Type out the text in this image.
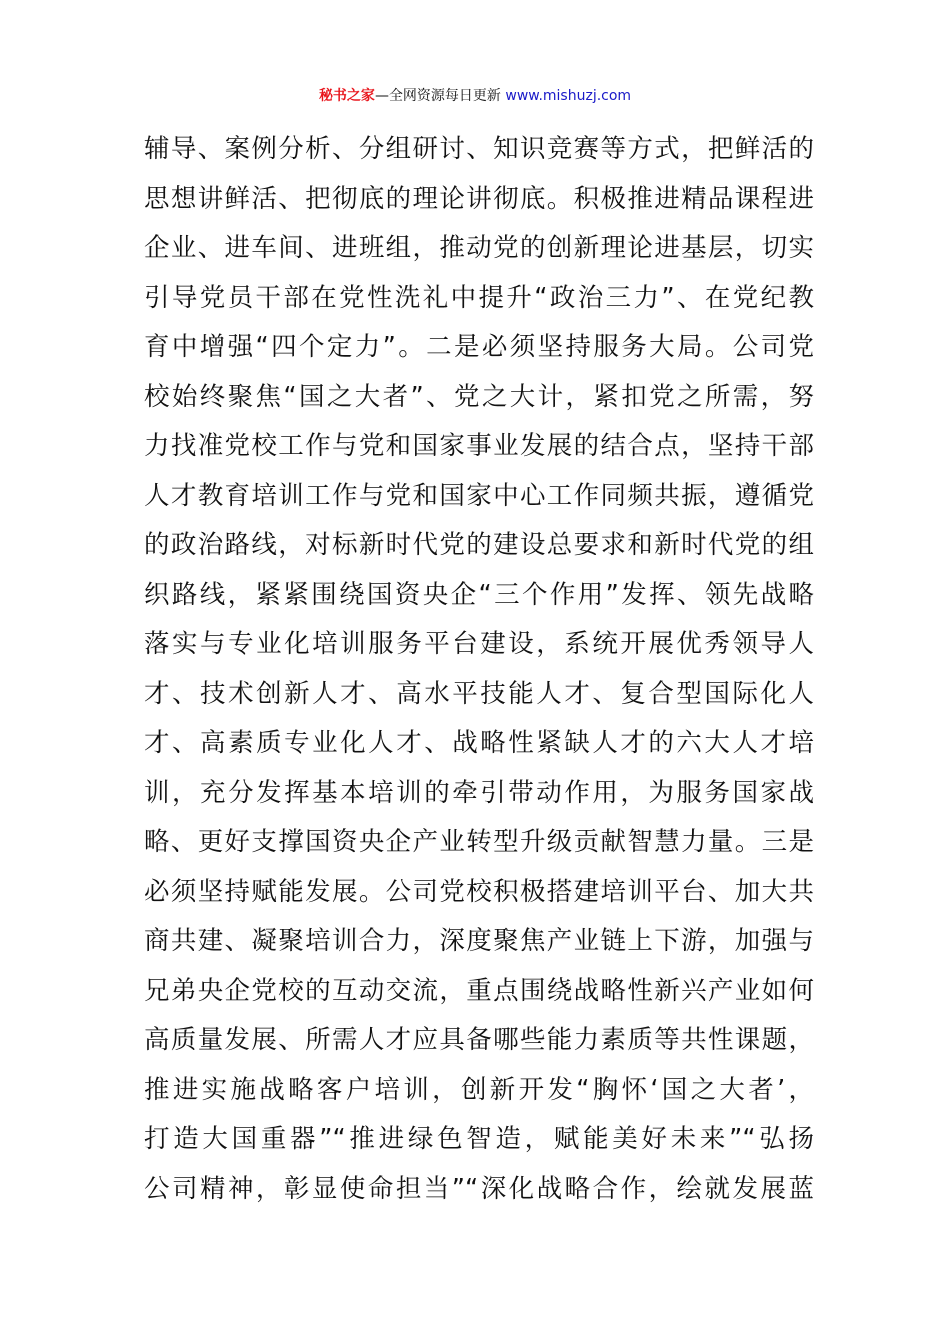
秘书之家—全网资源每日更新 www.mishuzj.com
辅导、案例分析、分组研讨、知识竞赛等方式，把鲜活的
思想讲鲜活、把彻底的理论讲彻底。积极推进精品课程进
企业、进车间、进班组，推动党的创新理论进基层，切实
引导党员干部在党性洗礼中提升“政治三力”、在党纪教
育中增强“四个定力”。二是必须坚持服务大局。公司党
校始终聚焦“国之大者”、党之大计，紧扣党之所需，努
力找准党校工作与党和国家事业发展的结合点，坚持干部
人才教育培训工作与党和国家中心工作同频共振，遵循党
的政治路线，对标新时代党的建设总要求和新时代党的组
织路线，紧紧围绕国资央企“三个作用”发挥、领先战略
落实与专业化培训服务平台建设，系统开展优秀领导人
才、技术创新人才、高水平技能人才、复合型国际化人
才、高素质专业化人才、战略性紧缺人才的六大人才培
训，充分发挥基本培训的牵引带动作用，为服务国家战
略、更好支撑国资央企产业转型升级贡献智慧力量。三是
必须坚持赋能发展。公司党校积极搭建培训平台、加大共
商共建、凝聚培训合力，深度聚焦产业链上下游，加强与
兄弟央企党校的互动交流，重点围绕战略性新兴产业如何
高质量发展、所需人才应具备哪些能力素质等共性课题，
推进实施战略客户培训，创新开发“胸怀‘国之大者’，
打造大国重器”“推进绿色智造，赋能美好未来”“弘扬
公司精神，彰显使命担当”“深化战略合作，绘就发展蓝
